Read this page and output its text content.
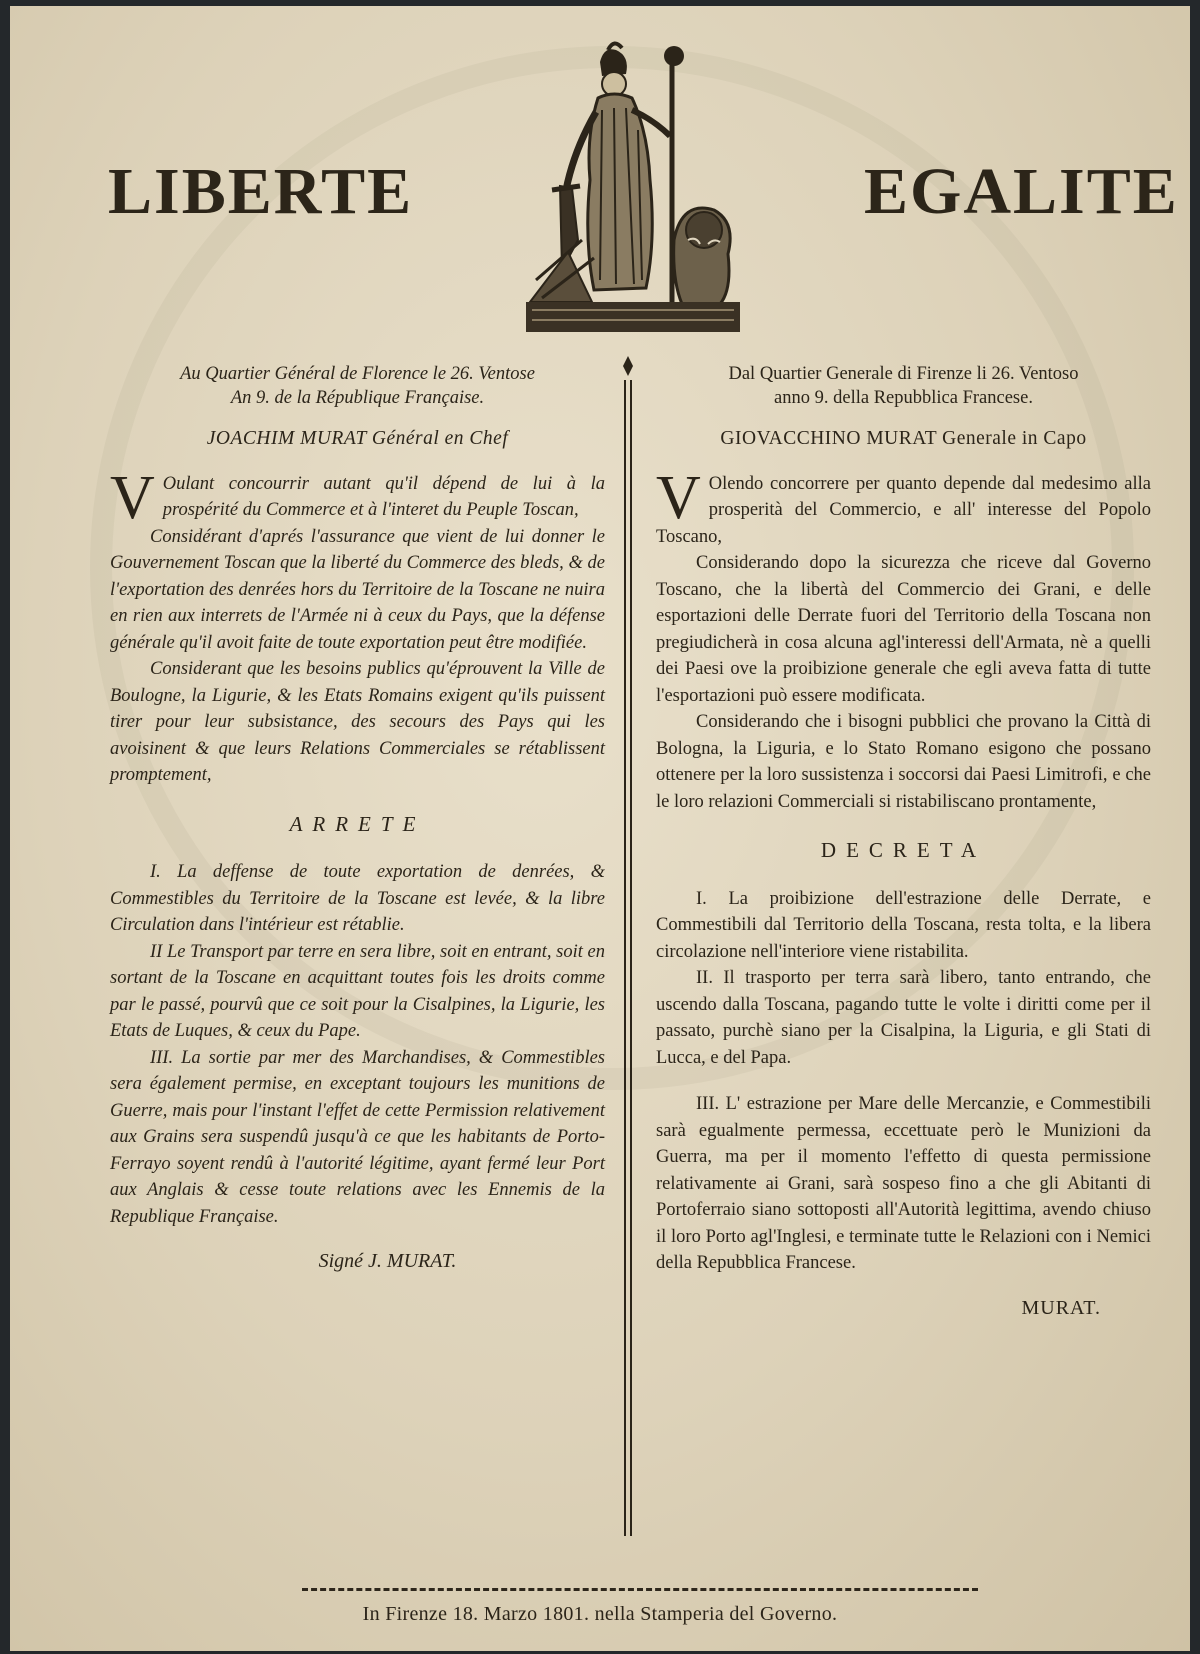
LIBERTE	EGALITE
Au Quartier Général de Florence le 26. Ventose
An 9. de la République Française.
JOACHIM MURAT Général en Chef

V Oulant concourrir autant qu'il dépend de lui à la prospérité du Commerce et à l'interet du Peuple Toscan,

Considérant d'aprés l'assurance que vient de lui donner le Gouvernement Toscan que la liberté du Commerce des bleds, & de l'exportation des denrées hors du Territoire de la Toscane ne nuira en rien aux interrets de l'Armée ni à ceux du Pays, que la défense générale qu'il avoit faite de toute exportation peut être modifiée.

Considerant que les besoins publics qu'éprouvent la Ville de Boulogne, la Ligurie, & les Etats Romains exigent qu'ils puissent tirer pour leur subsistance, des secours des Pays qui les avoisinent & que leurs Relations Commerciales se rétablissent promptement,

ARRETE

I. La deffense de toute exportation de denrées, & Commestibles du Territoire de la Toscane est levée, & la libre Circulation dans l'intérieur est rétablie.

II Le Transport par terre en sera libre, soit en entrant, soit en sortant de la Toscane en acquittant toutes fois les droits comme par le passé, pourvû que ce soit pour la Cisalpines, la Ligurie, les Etats de Luques, & ceux du Pape.

III. La sortie par mer des Marchandises, & Commestibles sera également permise, en exceptant toujours les munitions de Guerre, mais pour l'instant l'effet de cette Permission relativement aux Grains sera suspendû jusqu'à ce que les habitants de Porto-Ferrayo soyent rendû à l'autorité légitime, ayant fermé leur Port aux Anglais & cesse toute relations avec les Ennemis de la Republique Française.

Signé J. MURAT.
Dal Quartier Generale di Firenze li 26. Ventoso
anno 9. della Repubblica Francese.
GIOVACCHINO MURAT Generale in Capo

V Olendo concorrere per quanto depende dal medesimo alla prosperità del Commercio, e all' interesse del Popolo Toscano,

Considerando dopo la sicurezza che riceve dal Governo Toscano, che la libertà del Commercio dei Grani, e delle esportazioni delle Derrate fuori del Territorio della Toscana non pregiudicherà in cosa alcuna agl'interessi dell'Armata, nè a quelli dei Paesi ove la proibizione generale che egli aveva fatta di tutte l'esportazioni può essere modificata.

Considerando che i bisogni pubblici che provano la Città di Bologna, la Liguria, e lo Stato Romano esigono che possano ottenere per la loro sussistenza i soccorsi dai Paesi Limitrofi, e che le loro relazioni Commerciali si ristabiliscano prontamente,

DECRETA

I. La proibizione dell'estrazione delle Derrate, e Commestibili dal Territorio della Toscana, resta tolta, e la libera circolazione nell'interiore viene ristabilita.

II. Il trasporto per terra sarà libero, tanto entrando, che uscendo dalla Toscana, pagando tutte le volte i diritti come per il passato, purchè siano per la Cisalpina, la Liguria, e gli Stati di Lucca, e del Papa.

III. L' estrazione per Mare delle Mercanzie, e Commestibili sarà egualmente permessa, eccettuate però le Munizioni da Guerra, ma per il momento l'effetto di questa permissione relativamente ai Grani, sarà sospeso fino a che gli Abitanti di Portoferraio siano sottoposti all'Autorità legittima, avendo chiuso il loro Porto agl'Inglesi, e terminate tutte le Relazioni con i Nemici della Repubblica Francese.

MURAT.
In Firenze 18. Marzo 1801. nella Stamperia del Governo.
